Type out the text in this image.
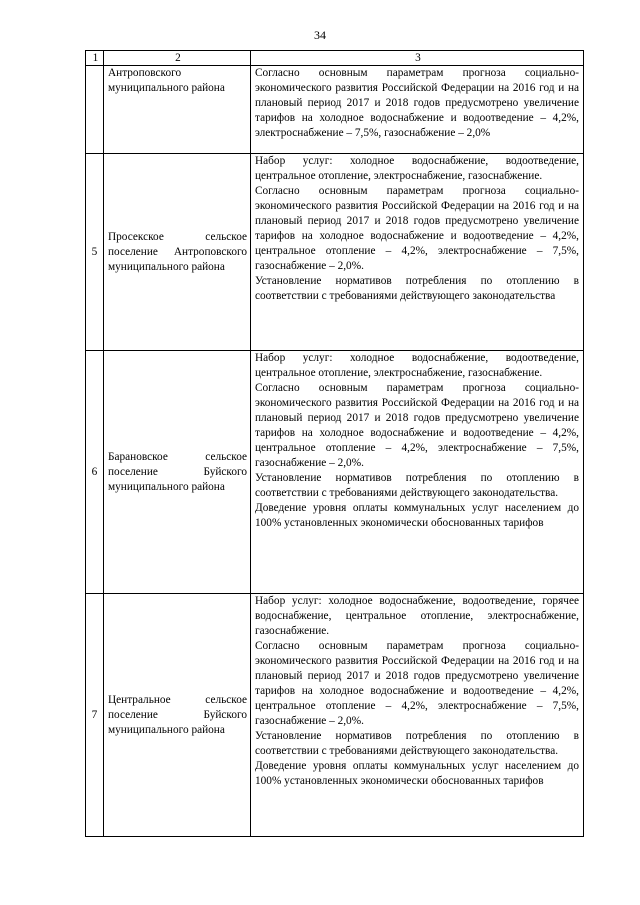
34
1	2	3
	Антроповского муниципального района	Согласно основным параметрам прогноза социально-экономического развития Российской Федерации на 2016 год и на плановый период 2017 и 2018 годов предусмотрено увеличение тарифов на холодное водоснабжение и водоотведение – 4,2%, электроснабжение – 7,5%, газоснабжение – 2,0%

5	Просекское сельское поселение Антроповского муниципального района	Набор услуг: холодное водоснабжение, водоотведение, центральное отопление, электроснабжение, газоснабжение.

Согласно основным параметрам прогноза социально-экономического развития Российской Федерации на 2016 год и на плановый период 2017 и 2018 годов предусмотрено увеличение тарифов на холодное водоснабжение и водоотведение – 4,2%, центральное отопление – 4,2%, электроснабжение – 7,5%, газоснабжение – 2,0%.

Установление нормативов потребления по отоплению в соответствии с требованиями действующего законодательства

6	Барановское сельское поселение Буйского муниципального района	Набор услуг: холодное водоснабжение, водоотведение, центральное отопление, электроснабжение, газоснабжение.

Согласно основным параметрам прогноза социально-экономического развития Российской Федерации на 2016 год и на плановый период 2017 и 2018 годов предусмотрено увеличение тарифов на холодное водоснабжение и водоотведение – 4,2%, центральное отопление – 4,2%, электроснабжение – 7,5%, газоснабжение – 2,0%.

Установление нормативов потребления по отоплению в соответствии с требованиями действующего законодательства.

Доведение уровня оплаты коммунальных услуг населением до 100% установленных экономически обоснованных тарифов

7	Центральное сельское поселение Буйского муниципального района	Набор услуг: холодное водоснабжение, водоотведение, горячее водоснабжение, центральное отопление, электроснабжение, газоснабжение.

Согласно основным параметрам прогноза социально-экономического развития Российской Федерации на 2016 год и на плановый период 2017 и 2018 годов предусмотрено увеличение тарифов на холодное водоснабжение и водоотведение – 4,2%, центральное отопление – 4,2%, электроснабжение – 7,5%, газоснабжение – 2,0%.

Установление нормативов потребления по отоплению в соответствии с требованиями действующего законодательства.

Доведение уровня оплаты коммунальных услуг населением до 100% установленных экономически обоснованных тарифов
